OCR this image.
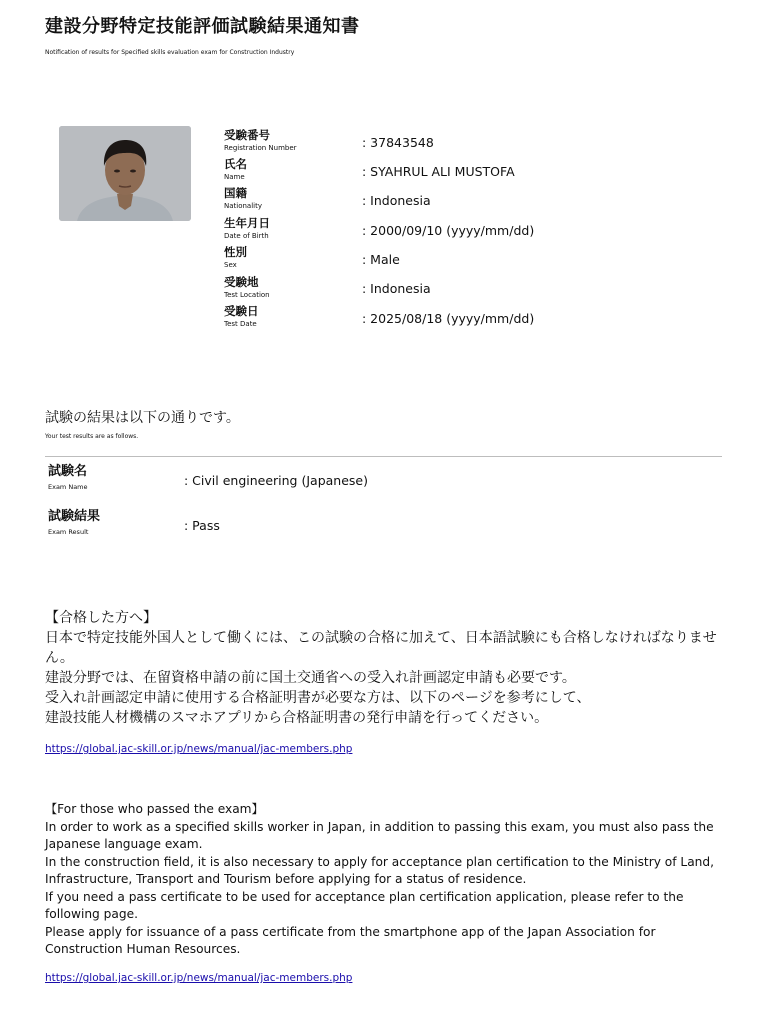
建設分野特定技能評価試験結果通知書
Notification of results for Specified skills evaluation exam for Construction Industry
受験番号
Registration Number	: 37843548
氏名
Name	: SYAHRUL ALI MUSTOFA
国籍
Nationality	: Indonesia
生年月日
Date of Birth	: 2000/09/10 (yyyy/mm/dd)
性別
Sex	: Male
受験地
Test Location	: Indonesia
受験日
Test Date	: 2025/08/18 (yyyy/mm/dd)
試験の結果は以下の通りです。
Your test results are as follows.
試験名
Exam Name	: Civil engineering (Japanese)
試験結果
Exam Result	: Pass

【合格した方へ】

日本で特定技能外国人として働くには、この試験の合格に加えて、日本語試験にも合格しなければなりません。

建設分野では、在留資格申請の前に国土交通省への受入れ計画認定申請も必要です。

受入れ計画認定申請に使用する合格証明書が必要な方は、以下のページを参考にして、

建設技能人材機構のスマホアプリから合格証明書の発行申請を行ってください。

https://global.jac-skill.or.jp/news/manual/jac-members.php

【For those who passed the exam】

In order to work as a specified skills worker in Japan, in addition to passing this exam, you must also pass the Japanese language exam.

In the construction field, it is also necessary to apply for acceptance plan certification to the Ministry of Land, Infrastructure, Transport and Tourism before applying for a status of residence.

If you need a pass certificate to be used for acceptance plan certification application, please refer to the following page.

Please apply for issuance of a pass certificate from the smartphone app of the Japan Association for Construction Human Resources.

https://global.jac-skill.or.jp/news/manual/jac-members.php
